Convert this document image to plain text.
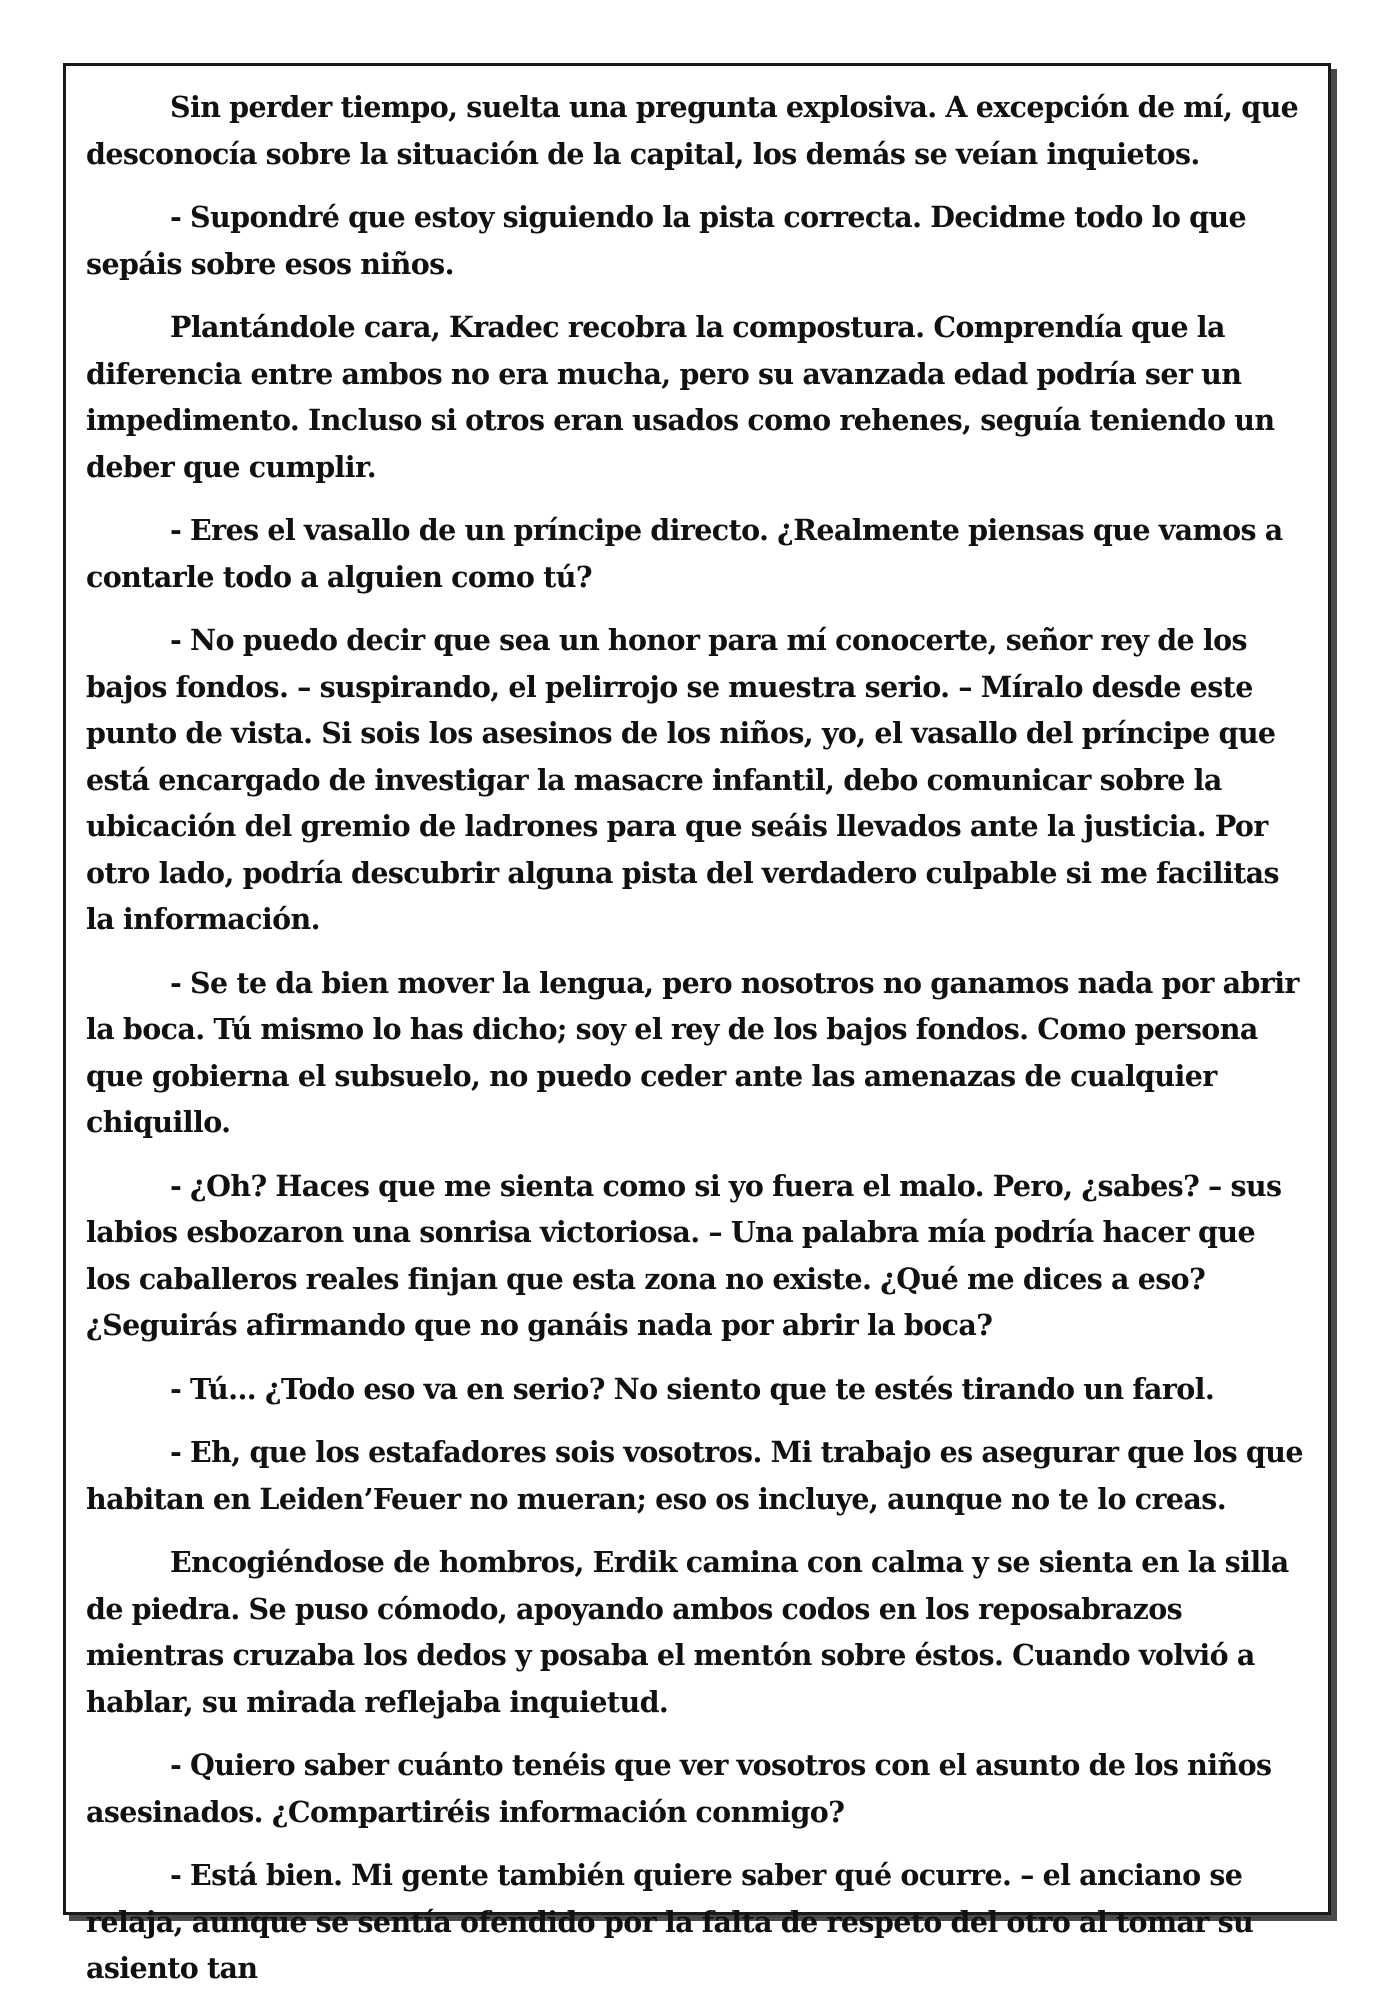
Sin perder tiempo, suelta una pregunta explosiva. A excepción de mí, que desconocía sobre la situación de la capital, los demás se veían inquietos.

- Supondré que estoy siguiendo la pista correcta. Decidme todo lo que sepáis sobre esos niños.

Plantándole cara, Kradec recobra la compostura. Comprendía que la diferencia entre ambos no era mucha, pero su avanzada edad podría ser un impedimento. Incluso si otros eran usados como rehenes, seguía teniendo un deber que cumplir.

- Eres el vasallo de un príncipe directo. ¿Realmente piensas que vamos a contarle todo a alguien como tú?

- No puedo decir que sea un honor para mí conocerte, señor rey de los bajos fondos. – suspirando, el pelirrojo se muestra serio. – Míralo desde este punto de vista. Si sois los asesinos de los niños, yo, el vasallo del príncipe que está encargado de investigar la masacre infantil, debo comunicar sobre la ubicación del gremio de ladrones para que seáis llevados ante la justicia. Por otro lado, podría descubrir alguna pista del verdadero culpable si me facilitas la información.

- Se te da bien mover la lengua, pero nosotros no ganamos nada por abrir la boca. Tú mismo lo has dicho; soy el rey de los bajos fondos. Como persona que gobierna el subsuelo, no puedo ceder ante las amenazas de cualquier chiquillo.

- ¿Oh? Haces que me sienta como si yo fuera el malo. Pero, ¿sabes? – sus labios esbozaron una sonrisa victoriosa. – Una palabra mía podría hacer que los caballeros reales finjan que esta zona no existe. ¿Qué me dices a eso? ¿Seguirás afirmando que no ganáis nada por abrir la boca?

- Tú... ¿Todo eso va en serio? No siento que te estés tirando un farol.

- Eh, que los estafadores sois vosotros. Mi trabajo es asegurar que los que habitan en Leiden’Feuer no mueran; eso os incluye, aunque no te lo creas.

Encogiéndose de hombros, Erdik camina con calma y se sienta en la silla de piedra. Se puso cómodo, apoyando ambos codos en los reposabrazos mientras cruzaba los dedos y posaba el mentón sobre éstos. Cuando volvió a hablar, su mirada reflejaba inquietud.

- Quiero saber cuánto tenéis que ver vosotros con el asunto de los niños asesinados. ¿Compartiréis información conmigo?

- Está bien. Mi gente también quiere saber qué ocurre. – el anciano se relaja, aunque se sentía ofendido por la falta de respeto del otro al tomar su asiento tan
